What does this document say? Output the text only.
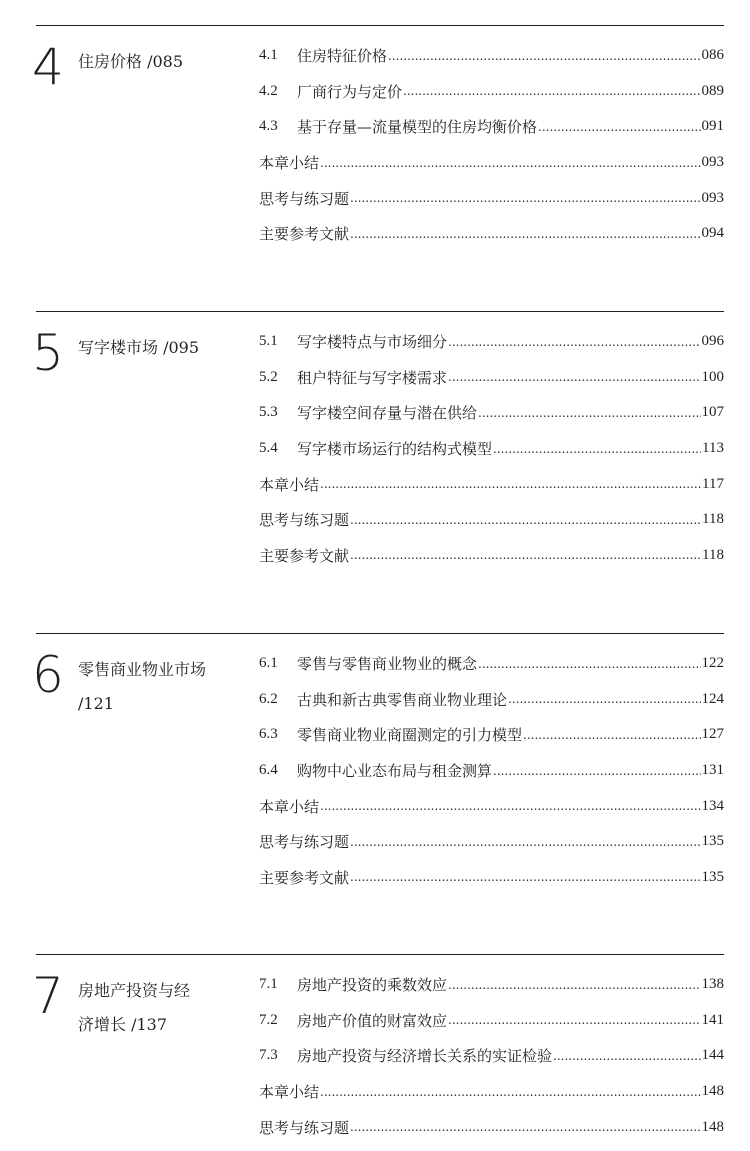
4 住房价格 /085	4.1	住房特征价格 .....	086
4.2	厂商行为与定价 .....	089
4.3	基于存量—流量模型的住房均衡价格 .....	091
本章小结 .....	093
思考与练习题 .....	093
主要参考文献 .....	094
5 写字楼市场 /095	5.1	写字楼特点与市场细分 .....	096
5.2	租户特征与写字楼需求 .....	100
5.3	写字楼空间存量与潜在供给 .....	107
5.4	写字楼市场运行的结构式模型 .....	113
本章小结 .....	117
思考与练习题 .....	118
主要参考文献 .....	118
6 零售商业物业市场 /121
6.1	零售与零售商业物业的概念 .....	122
6.2	古典和新古典零售商业物业理论 .....	124
6.3	零售商业物业商圈测定的引力模型 .....	127
6.4	购物中心业态布局与租金测算 .....	131
本章小结 .....	134
思考与练习题 .....	135
主要参考文献 .....	135
7 房地产投资与经济增长 /137
7.1	房地产投资的乘数效应 .....	138
7.2	房地产价值的财富效应 .....	141
7.3	房地产投资与经济增长关系的实证检验 .....	144
本章小结 .....	148
思考与练习题 .....	148
